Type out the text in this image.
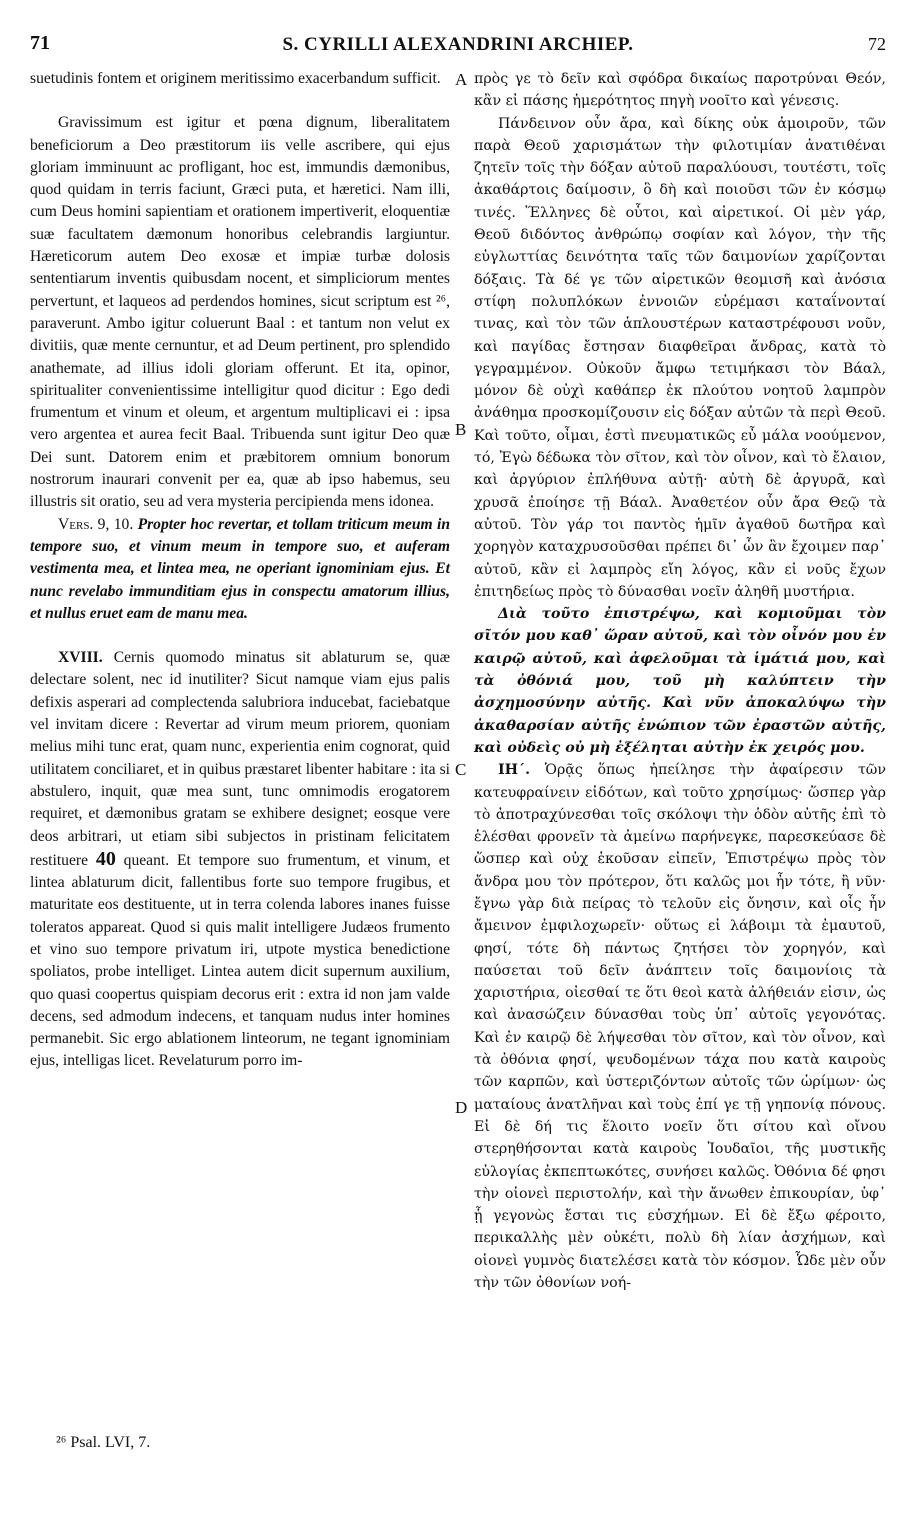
71	S. CYRILLI ALEXANDRINI ARCHIEP.	72

suetudinis fontem et originem meritissimo exacerbandum sufficit.

Gravissimum est igitur et pœna dignum, liberalitatem beneficiorum a Deo præstitorum iis velle ascribere, qui ejus gloriam imminuunt ac profligant, hoc est, immundis dæmonibus, quod quidam in terris faciunt, Græci puta, et hæretici. Nam illi, cum Deus homini sapientiam et orationem impertiverit, eloquentiæ suæ facultatem dæmonum honoribus celebrandis largiuntur. Hæreticorum autem Deo exosæ et impiæ turbæ dolosis sententiarum inventis quibusdam nocent, et simpliciorum mentes pervertunt, et laqueos ad perdendos homines, sicut scriptum est ²⁶, paraverunt. Ambo igitur coluerunt Baal : et tantum non velut ex divitiis, quæ mente cernuntur, et ad Deum pertinent, pro splendido anathemate, ad illius idoli gloriam offerunt. Et ita, opinor, spiritualiter convenientissime intelligitur quod dicitur : Ego dedi frumentum et vinum et oleum, et argentum multiplicavi ei : ipsa vero argentea et aurea fecit Baal. Tribuenda sunt igitur Deo quæ Dei sunt. Datorem enim et præbitorem omnium bonorum nostrorum inaurari convenit per ea, quæ ab ipso habemus, seu illustris sit oratio, seu ad vera mysteria percipienda mens idonea.

Vers. 9, 10. Propter hoc revertar, et tollam triticum meum in tempore suo, et vinum meum in tempore suo, et auferam vestimenta mea, et lintea mea, ne operiant ignominiam ejus. Et nunc revelabo immunditiam ejus in conspectu amatorum illius, et nullus eruet eam de manu mea.

XVIII. Cernis quomodo minatus sit ablaturum se, quæ delectare solent, nec id inutiliter? Sicut namque viam ejus palis defixis asperari ad complectenda salubriora inducebat, faciebatque vel invitam dicere : Revertar ad virum meum priorem, quoniam melius mihi tunc erat, quam nunc, experientia enim cognorat, quid utilitatem conciliaret, et in quibus præstaret libenter habitare : ita si abstulero, inquit, quæ mea sunt, tunc omnimodis erogatorem requiret, et dæmonibus gratam se exhibere designet; eosque vere deos arbitrari, ut etiam sibi subjectos in pristinam felicitatem restituere 40 queant. Et tempore suo frumentum, et vinum, et lintea ablaturum dicit, fallentibus forte suo tempore frugibus, et maturitate eos destituente, ut in terra colenda labores inanes fuisse toleratos appareat. Quod si quis malit intelligere Judæos frumento et vino suo tempore privatum iri, utpote mystica benedictione spoliatos, probe intelliget. Lintea autem dicit supernum auxilium, quo quasi coopertus quispiam decorus erit : extra id non jam valde decens, sed admodum indecens, et tanquam nudus inter homines permanebit. Sic ergo ablationem linteorum, ne tegant ignominiam ejus, intelligas licet. Revelaturum porro im-

A
B
C
D

πρὸς γε τὸ δεῖν καὶ σφόδρα δικαίως παροτρύναι Θεόν, κἂν εἰ πάσης ἡμερότητος πηγὴ νοοῖτο καὶ γένεσις.

Πάνδεινον οὖν ἄρα, καὶ δίκης οὐκ ἀμοιροῦν, τῶν παρὰ Θεοῦ χαρισμάτων τὴν φιλοτιμίαν ἀνατιθέναι ζητεῖν τοῖς τὴν δόξαν αὐτοῦ παραλύουσι, τουτέστι, τοῖς ἀκαθάρτοις δαίμοσιν, ὃ δὴ καὶ ποιοῦσι τῶν ἐν κόσμῳ τινές. Ἕλληνες δὲ οὗτοι, καὶ αἱρετικοί. Οἱ μὲν γάρ, Θεοῦ διδόντος ἀνθρώπῳ σοφίαν καὶ λόγον, τὴν τῆς εὐγλωττίας δεινότητα ταῖς τῶν δαιμονίων χαρίζονται δόξαις. Τὰ δέ γε τῶν αἱρετικῶν θεομισῆ καὶ ἀνόσια στίφη πολυπλόκων ἐννοιῶν εὑρέμασι καταΐνονταί τινας, καὶ τὸν τῶν ἁπλουστέρων καταστρέφουσι νοῦν, καὶ παγίδας ἔστησαν διαφθεῖραι ἄνδρας, κατὰ τὸ γεγραμμένον. Οὐκοῦν ἄμφω τετιμήκασι τὸν Βάαλ, μόνον δὲ οὐχὶ καθάπερ ἐκ πλούτου νοητοῦ λαμπρὸν ἀνάθημα προσκομίζουσιν εἰς δόξαν αὐτῶν τὰ περὶ Θεοῦ. Καὶ τοῦτο, οἶμαι, ἐστὶ πνευματικῶς εὖ μάλα νοούμενον, τό, Ἐγὼ δέδωκα τὸν σῖτον, καὶ τὸν οἶνον, καὶ τὸ ἔλαιον, καὶ ἀργύριον ἐπλήθυνα αὐτῇ· αὐτὴ δὲ ἀργυρᾶ, καὶ χρυσᾶ ἐποίησε τῇ Βάαλ. Ἀναθετέον οὖν ἄρα Θεῷ τὰ αὐτοῦ. Τὸν γάρ τοι παντὸς ἡμῖν ἀγαθοῦ δωτῆρα καὶ χορηγὸν καταχρυσοῦσθαι πρέπει δι᾽ ὧν ἂν ἔχοιμεν παρ᾽ αὐτοῦ, κἂν εἰ λαμπρὸς εἴη λόγος, κἂν εἰ νοῦς ἔχων ἐπιτηδείως πρὸς τὸ δύνασθαι νοεῖν ἀληθῆ μυστήρια.

Διὰ τοῦτο ἐπιστρέψω, καὶ κομιοῦμαι τὸν σῖτόν μου καθ᾽ ὥραν αὐτοῦ, καὶ τὸν οἶνόν μου ἐν καιρῷ αὐτοῦ, καὶ ἀφελοῦμαι τὰ ἱμάτιά μου, καὶ τὰ ὀθόνιά μου, τοῦ μὴ καλύπτειν τὴν ἀσχημοσύνην αὐτῆς. Καὶ νῦν ἀποκαλύψω τὴν ἀκαθαρσίαν αὐτῆς ἐνώπιον τῶν ἐραστῶν αὐτῆς, καὶ οὐδεὶς οὐ μὴ ἐξέληται αὐτὴν ἐκ χειρός μου.

ΙΗ΄. Ὁρᾷς ὅπως ἠπείλησε τὴν ἀφαίρεσιν τῶν κατευφραίνειν εἰδότων, καὶ τοῦτο χρησίμως· ὥσπερ γὰρ τὸ ἀποτραχύνεσθαι τοῖς σκόλοψι τὴν ὁδὸν αὐτῆς ἐπὶ τὸ ἑλέσθαι φρονεῖν τὰ ἀμείνω παρήνεγκε, παρεσκεύασε δὲ ὥσπερ καὶ οὐχ ἑκοῦσαν εἰπεῖν, Ἐπιστρέψω πρὸς τὸν ἄνδρα μου τὸν πρότερον, ὅτι καλῶς μοι ἦν τότε, ἢ νῦν· ἔγνω γὰρ διὰ πείρας τὸ τελοῦν εἰς ὄνησιν, καὶ οἷς ἦν ἄμεινον ἐμφιλοχωρεῖν· οὕτως εἰ λάβοιμι τὰ ἐμαυτοῦ, φησί, τότε δὴ πάντως ζητήσει τὸν χορηγόν, καὶ παύσεται τοῦ δεῖν ἀνάπτειν τοῖς δαιμονίοις τὰ χαριστήρια, οἰεσθαί τε ὅτι θεοὶ κατὰ ἀλήθειάν εἰσιν, ὡς καὶ ἀνασώζειν δύνασθαι τοὺς ὑπ᾽ αὐτοῖς γεγονότας. Καὶ ἐν καιρῷ δὲ λήψεσθαι τὸν σῖτον, καὶ τὸν οἶνον, καὶ τὰ ὀθόνια φησί, ψευδομένων τάχα που κατὰ καιροὺς τῶν καρπῶν, καὶ ὑστεριζόντων αὐτοῖς τῶν ὡρίμων· ὡς ματαίους ἀνατλῆναι καὶ τοὺς ἐπί γε τῇ γηπονίᾳ πόνους. Εἰ δὲ δή τις ἕλοιτο νοεῖν ὅτι σίτου καὶ οἴνου στερηθήσονται κατὰ καιροὺς Ἰουδαῖοι, τῆς μυστικῆς εὐλογίας ἐκπεπτωκότες, συνήσει καλῶς. Ὀθόνια δέ φησι τὴν οἱονεὶ περιστολήν, καὶ τὴν ἄνωθεν ἐπικουρίαν, ὑφ᾽ ᾗ γεγονὼς ἔσται τις εὐσχήμων. Εἰ δὲ ἔξω φέροιτο, περικαλλὴς μὲν οὐκέτι, πολὺ δὴ λίαν ἀσχήμων, καὶ οἱονεὶ γυμνὸς διατελέσει κατὰ τὸν κόσμον. Ὧδε μὲν οὖν τὴν τῶν ὀθονίων νοή-

²⁶ Psal. LVI, 7.
